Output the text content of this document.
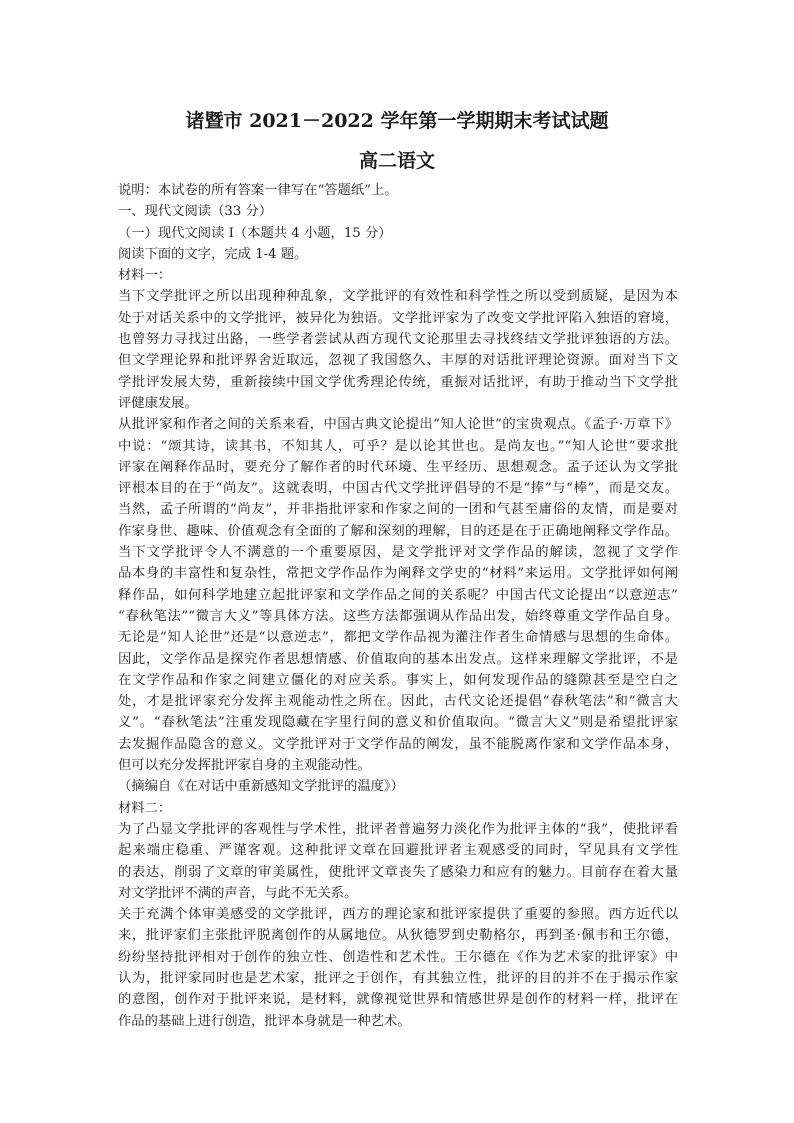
诸暨市 2021－2022 学年第一学期期末考试试题
高二语文

说明：本试卷的所有答案一律写在“答题纸”上。

一、现代文阅读（33 分）

（一）现代文阅读 I（本题共 4 小题，15 分）

阅读下面的文字，完成 1-4 题。

材料一：

当下文学批评之所以出现种种乱象，文学批评的有效性和科学性之所以受到质疑，是因为本

处于对话关系中的文学批评，被异化为独语。文学批评家为了改变文学批评陷入独语的窘境，

也曾努力寻找过出路，一些学者尝试从西方现代文论那里去寻找终结文学批评独语的方法。

但文学理论界和批评界舍近取远，忽视了我国悠久、丰厚的对话批评理论资源。面对当下文

学批评发展大势，重新接续中国文学优秀理论传统，重振对话批评，有助于推动当下文学批

评健康发展。

从批评家和作者之间的关系来看，中国古典文论提出“知人论世”的宝贵观点。《孟子·万章下》

中说：“颂其诗，读其书，不知其人，可乎？是以论其世也。是尚友也。”“知人论世”要求批

评家在阐释作品时，要充分了解作者的时代环境、生平经历、思想观念。孟子还认为文学批

评根本目的在于“尚友”。这就表明，中国古代文学批评倡导的不是“捧”与“棒”，而是交友。

当然，孟子所谓的“尚友”，并非指批评家和作家之间的一团和气甚至庸俗的友情，而是要对

作家身世、趣味、价值观念有全面的了解和深刻的理解，目的还是在于正确地阐释文学作品。

当下文学批评令人不满意的一个重要原因，是文学批评对文学作品的解读，忽视了文学作

品本身的丰富性和复杂性，常把文学作品作为阐释文学史的“材料”来运用。文学批评如何阐

释作品，如何科学地建立起批评家和文学作品之间的关系呢？中国古代文论提出“以意逆志”

“春秋笔法”“微言大义”等具体方法。这些方法都强调从作品出发，始终尊重文学作品自身。

无论是“知人论世”还是“以意逆志”，都把文学作品视为灌注作者生命情感与思想的生命体。

因此，文学作品是探究作者思想情感、价值取向的基本出发点。这样来理解文学批评，不是

在文学作品和作家之间建立僵化的对应关系。事实上，如何发现作品的缝隙甚至是空白之

处，才是批评家充分发挥主观能动性之所在。因此，古代文论还提倡“春秋笔法”和“微言大

义”。“春秋笔法”注重发现隐藏在字里行间的意义和价值取向。“微言大义”则是希望批评家

去发掘作品隐含的意义。文学批评对于文学作品的阐发，虽不能脱离作家和文学作品本身，

但可以充分发挥批评家自身的主观能动性。

（摘编自《在对话中重新感知文学批评的温度》）

材料二：

为了凸显文学批评的客观性与学术性，批评者普遍努力淡化作为批评主体的“我”，使批评看

起来端庄稳重、严谨客观。这种批评文章在回避批评者主观感受的同时，罕见具有文学性

的表达，削弱了文章的审美属性，使批评文章丧失了感染力和应有的魅力。目前存在着大量

对文学批评不满的声音，与此不无关系。

关于充满个体审美感受的文学批评，西方的理论家和批评家提供了重要的参照。西方近代以

来，批评家们主张批评脱离创作的从属地位。从狄德罗到史勒格尔，再到圣·佩韦和王尔德，

纷纷坚持批评相对于创作的独立性、创造性和艺术性。王尔德在《作为艺术家的批评家》中

认为，批评家同时也是艺术家，批评之于创作，有其独立性，批评的目的并不在于揭示作家

的意图，创作对于批评来说，是材料，就像视觉世界和情感世界是创作的材料一样，批评在

作品的基础上进行创造，批评本身就是一种艺术。
